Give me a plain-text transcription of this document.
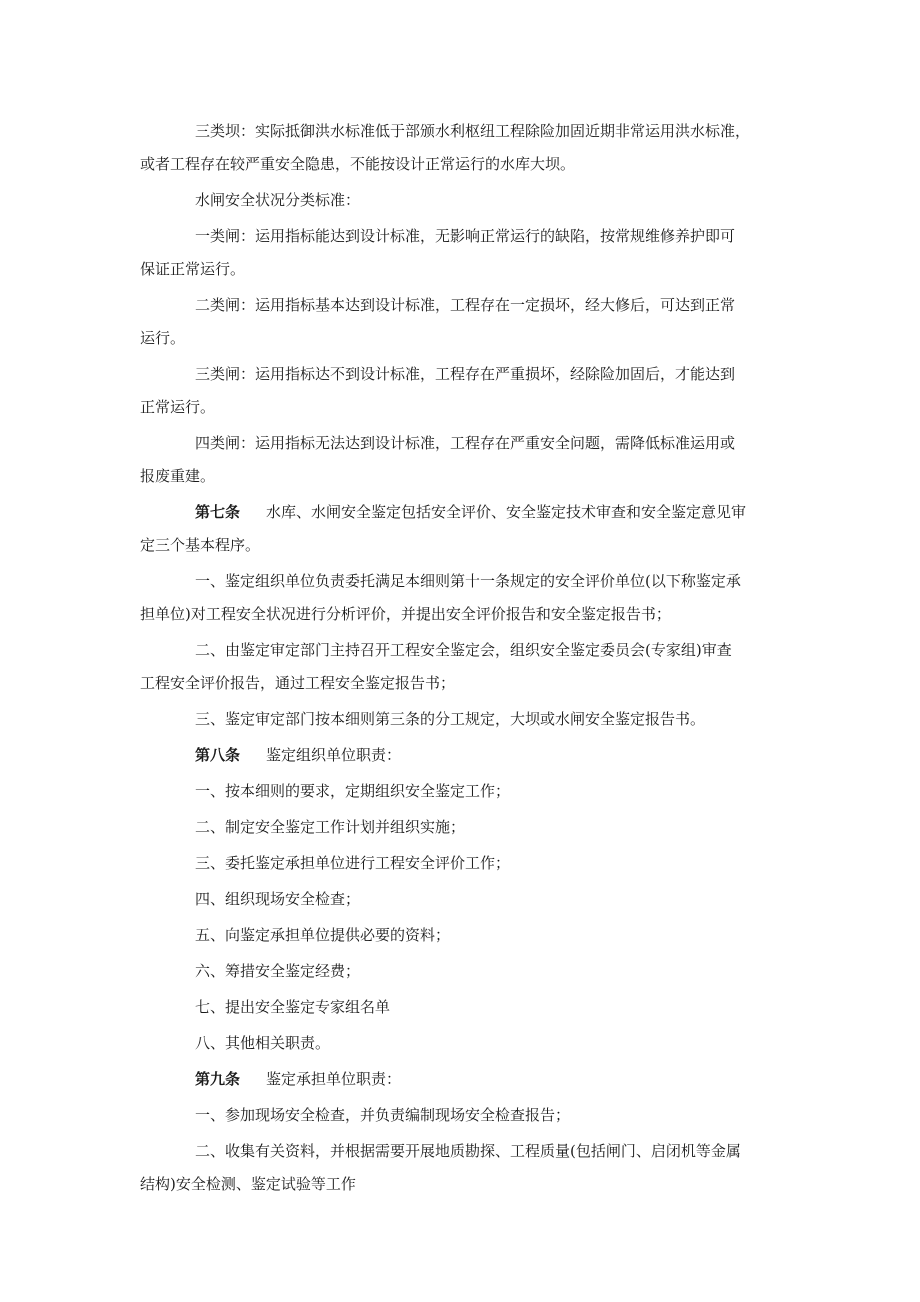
三类坝：实际抵御洪水标准低于部颁水利枢纽工程除险加固近期非常运用洪水标准，
或者工程存在较严重安全隐患，不能按设计正常运行的水库大坝。
水闸安全状况分类标准：
一类闸：运用指标能达到设计标准，无影响正常运行的缺陷，按常规维修养护即可
保证正常运行。
二类闸：运用指标基本达到设计标准，工程存在一定损坏，经大修后，可达到正常
运行。
三类闸：运用指标达不到设计标准，工程存在严重损坏，经除险加固后，才能达到
正常运行。
四类闸：运用指标无法达到设计标准，工程存在严重安全问题，需降低标准运用或
报废重建。
第七条 水库、水闸安全鉴定包括安全评价、安全鉴定技术审查和安全鉴定意见审
定三个基本程序。
一、鉴定组织单位负责委托满足本细则第十一条规定的安全评价单位(以下称鉴定承
担单位)对工程安全状况进行分析评价，并提出安全评价报告和安全鉴定报告书；
二、由鉴定审定部门主持召开工程安全鉴定会，组织安全鉴定委员会(专家组)审查
工程安全评价报告，通过工程安全鉴定报告书；
三、鉴定审定部门按本细则第三条的分工规定，大坝或水闸安全鉴定报告书。
第八条 鉴定组织单位职责：
一、按本细则的要求，定期组织安全鉴定工作；
二、制定安全鉴定工作计划并组织实施；
三、委托鉴定承担单位进行工程安全评价工作；
四、组织现场安全检查；
五、向鉴定承担单位提供必要的资料；
六、筹措安全鉴定经费；
七、提出安全鉴定专家组名单
八、其他相关职责。
第九条 鉴定承担单位职责：
一、参加现场安全检查，并负责编制现场安全检查报告；
二、收集有关资料，并根据需要开展地质勘探、工程质量(包括闸门、启闭机等金属
结构)安全检测、鉴定试验等工作
